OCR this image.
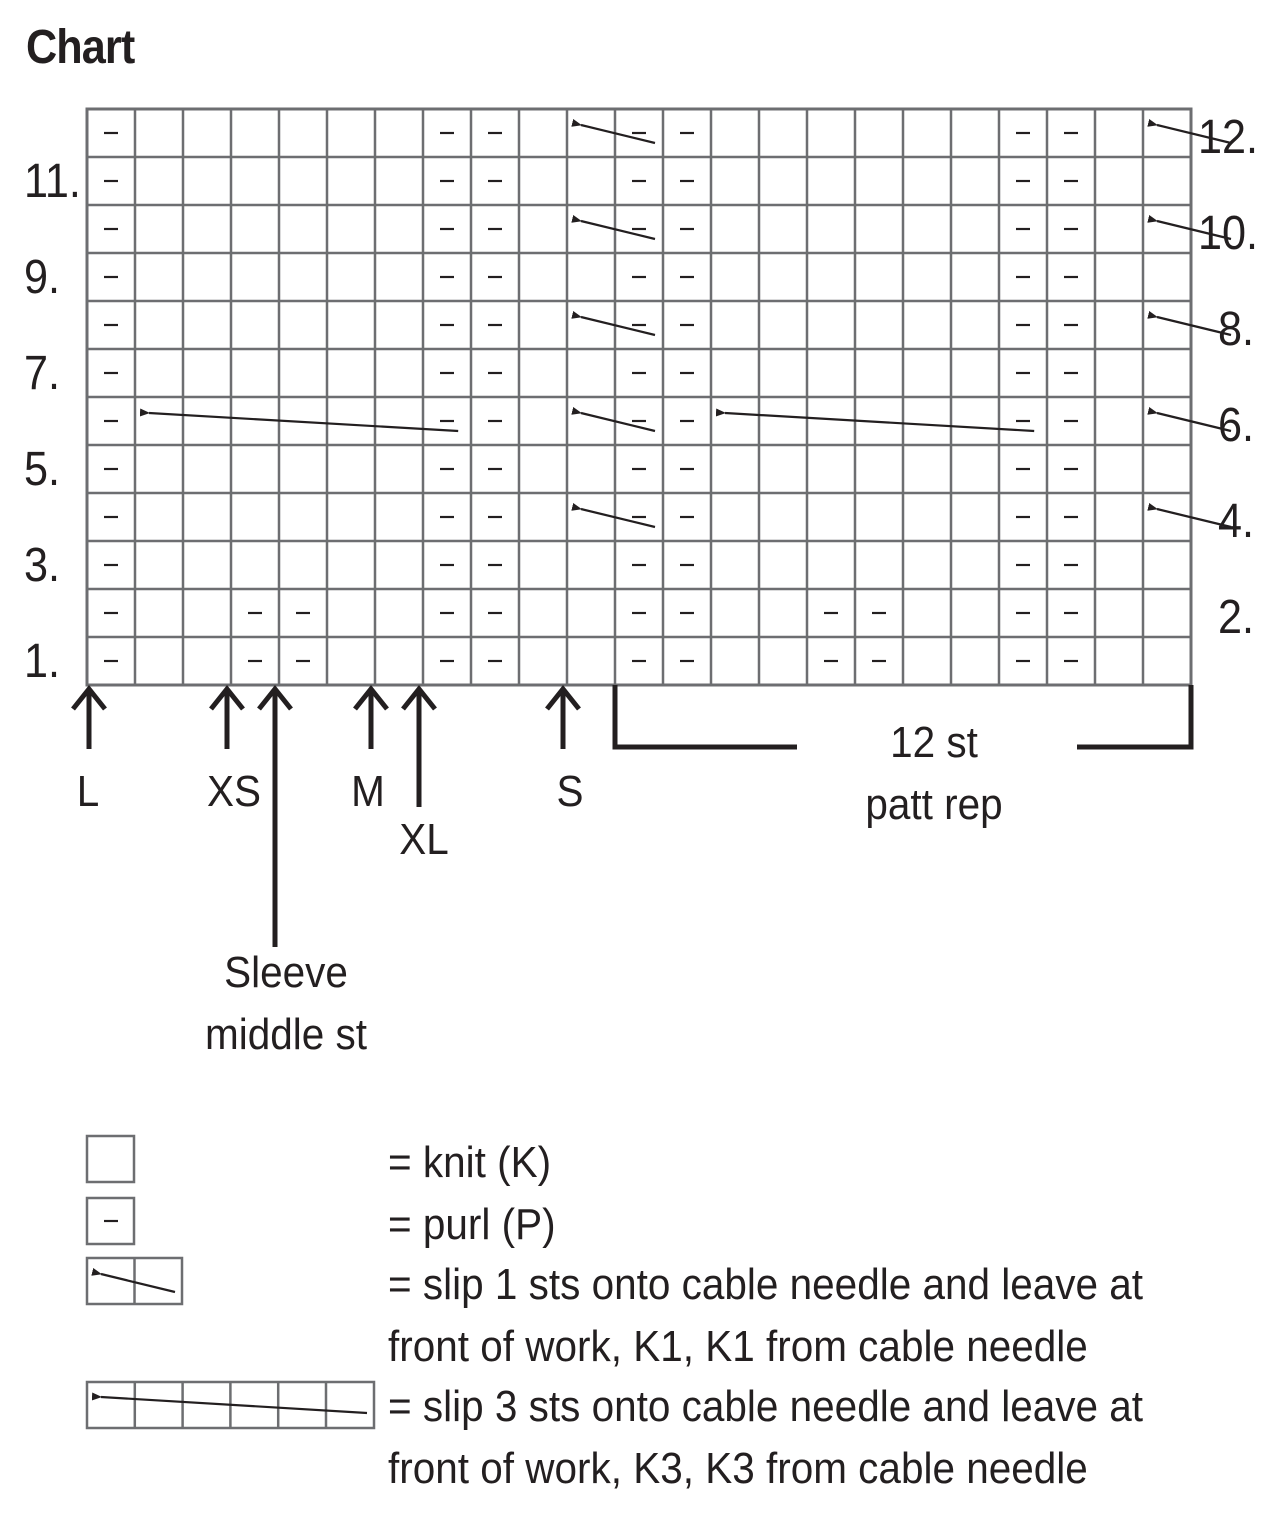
Chart
1.
3.
5.
7.
9.
11.
2.
4.
6.
8.
10.
12.
L XS M
XL
S
Sleeve
middle st
12 st
patt rep
= knit (K)
= purl (P)
= slip 1 sts onto cable needle and leave at
front of work, K1, K1 from cable needle
= slip 3 sts onto cable needle and leave at
front of work, K3, K3 from cable needle
